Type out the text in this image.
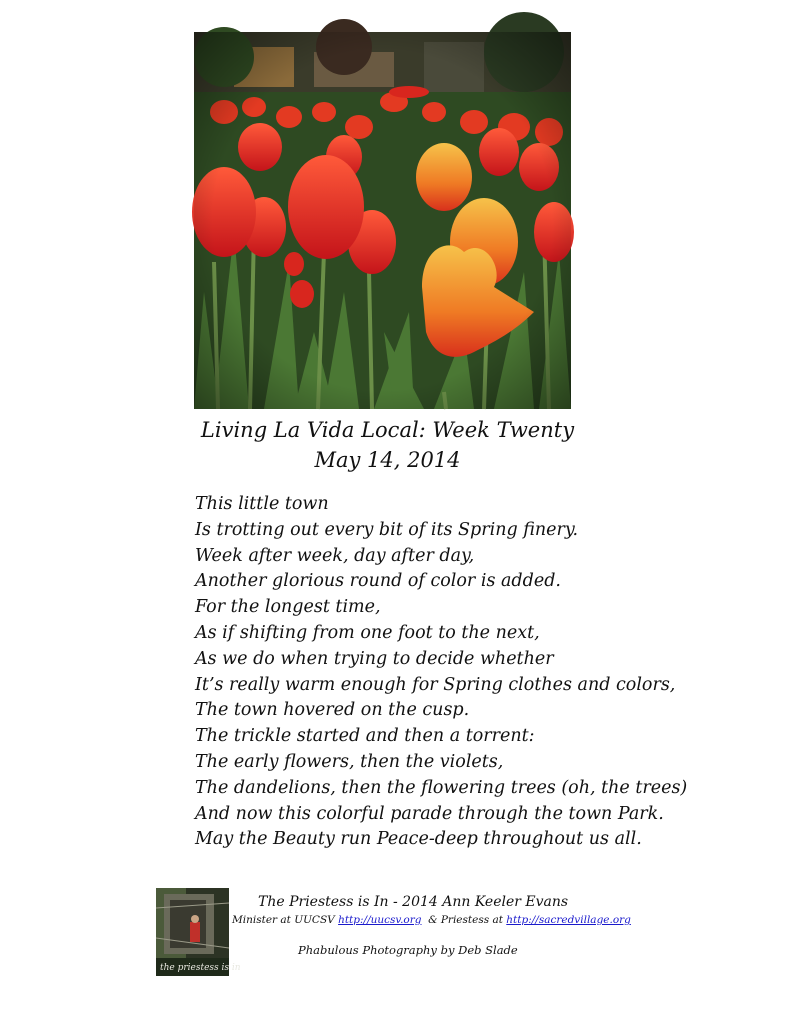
Living La Vida Local: Week Twenty
May 14, 2014
This little town
Is trotting out every bit of its Spring finery.
Week after week, day after day,
Another glorious round of color is added.
For the longest time,
As if shifting from one foot to the next,
As we do when trying to decide whether
It’s really warm enough for Spring clothes and colors,
The town hovered on the cusp.
The trickle started and then a torrent:
The early flowers, then the violets,
The dandelions, then the flowering trees (oh, the trees)
And now this colorful parade through the town Park.
May the Beauty run Peace-deep throughout us all.
the priestess is in
The Priestess is In - 2014 Ann Keeler Evans
Minister at UUCSV http://uucsv.org  & Priestess at http://sacredvillage.org
Phabulous Photography by Deb Slade
